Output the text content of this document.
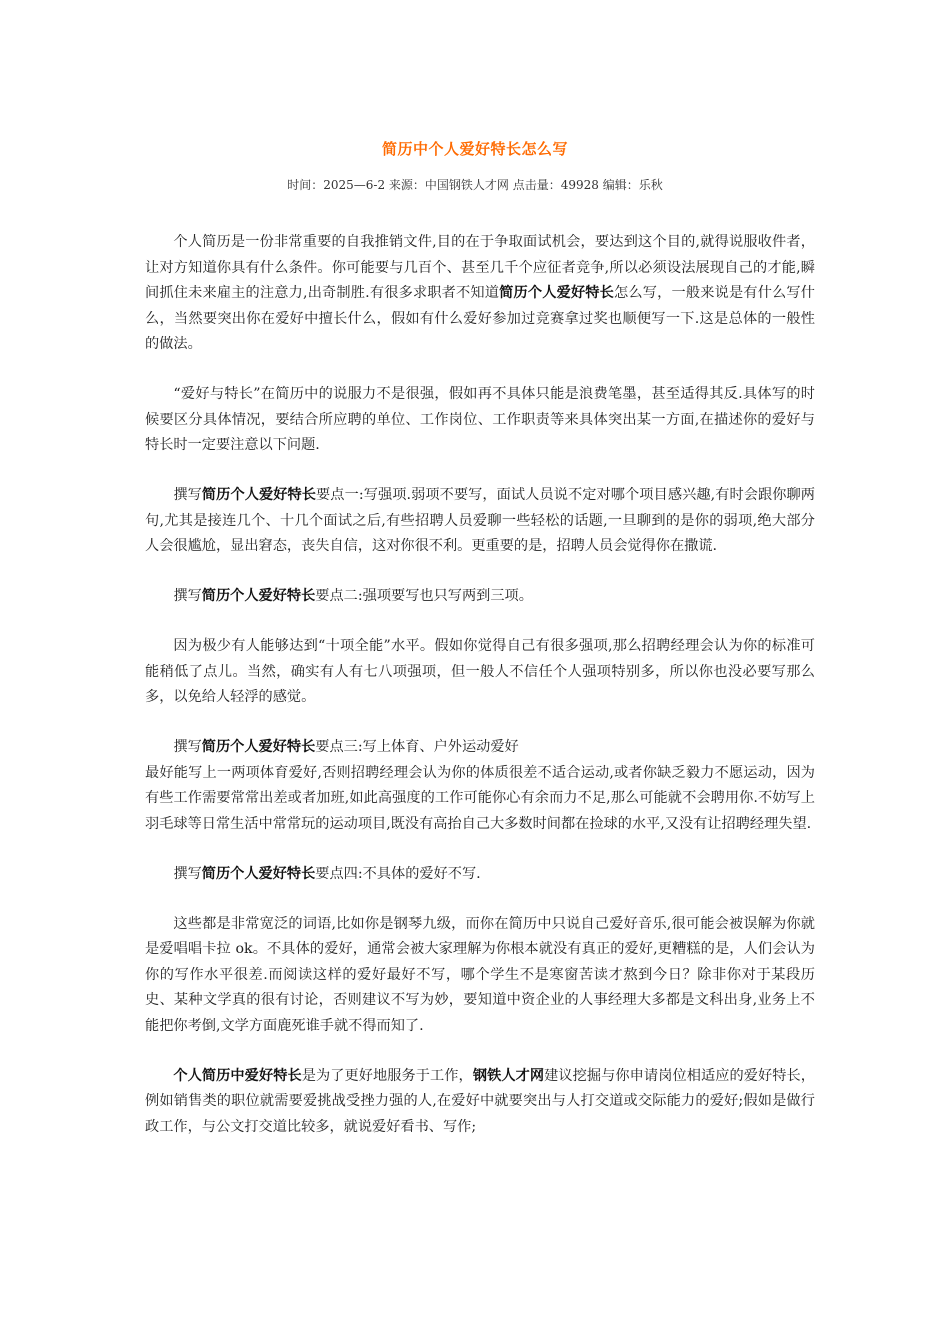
简历中个人爱好特长怎么写
时间：2025—6-2 来源：中国钢铁人才网 点击量：49928 编辑：乐秋

个人简历是一份非常重要的自我推销文件,目的在于争取面试机会，要达到这个目的,就得说服收件者，让对方知道你具有什么条件。你可能要与几百个、甚至几千个应征者竞争,所以必须设法展现自己的才能,瞬间抓住未来雇主的注意力,出奇制胜.有很多求职者不知道简历个人爱好特长怎么写，一般来说是有什么写什么，当然要突出你在爱好中擅长什么，假如有什么爱好参加过竞赛拿过奖也顺便写一下.这是总体的一般性的做法。

“爱好与特长”在简历中的说服力不是很强，假如再不具体只能是浪费笔墨，甚至适得其反.具体写的时候要区分具体情况，要结合所应聘的单位、工作岗位、工作职责等来具体突出某一方面,在描述你的爱好与特长时一定要注意以下问题.

撰写简历个人爱好特长要点一:写强项.弱项不要写，面试人员说不定对哪个项目感兴趣,有时会跟你聊两句,尤其是接连几个、十几个面试之后,有些招聘人员爱聊一些轻松的话题,一旦聊到的是你的弱项,绝大部分人会很尴尬，显出窘态，丧失自信，这对你很不利。更重要的是，招聘人员会觉得你在撒谎.

撰写简历个人爱好特长要点二:强项要写也只写两到三项。

因为极少有人能够达到“十项全能”水平。假如你觉得自己有很多强项,那么招聘经理会认为你的标准可能稍低了点儿。当然，确实有人有七八项强项，但一般人不信任个人强项特别多，所以你也没必要写那么多，以免给人轻浮的感觉。

撰写简历个人爱好特长要点三:写上体育、户外运动爱好

最好能写上一两项体育爱好,否则招聘经理会认为你的体质很差不适合运动,或者你缺乏毅力不愿运动，因为有些工作需要常常出差或者加班,如此高强度的工作可能你心有余而力不足,那么可能就不会聘用你.不妨写上羽毛球等日常生活中常常玩的运动项目,既没有高抬自己大多数时间都在捡球的水平,又没有让招聘经理失望.

撰写简历个人爱好特长要点四:不具体的爱好不写.

这些都是非常宽泛的词语,比如你是钢琴九级，而你在简历中只说自己爱好音乐,很可能会被误解为你就是爱唱唱卡拉 ok。不具体的爱好，通常会被大家理解为你根本就没有真正的爱好,更糟糕的是，人们会认为你的写作水平很差.而阅读这样的爱好最好不写，哪个学生不是寒窗苦读才熬到今日？除非你对于某段历史、某种文学真的很有讨论，否则建议不写为妙，要知道中资企业的人事经理大多都是文科出身,业务上不能把你考倒,文学方面鹿死谁手就不得而知了.

个人简历中爱好特长是为了更好地服务于工作，钢铁人才网建议挖掘与你申请岗位相适应的爱好特长，例如销售类的职位就需要爱挑战受挫力强的人,在爱好中就要突出与人打交道或交际能力的爱好;假如是做行政工作，与公文打交道比较多，就说爱好看书、写作;
